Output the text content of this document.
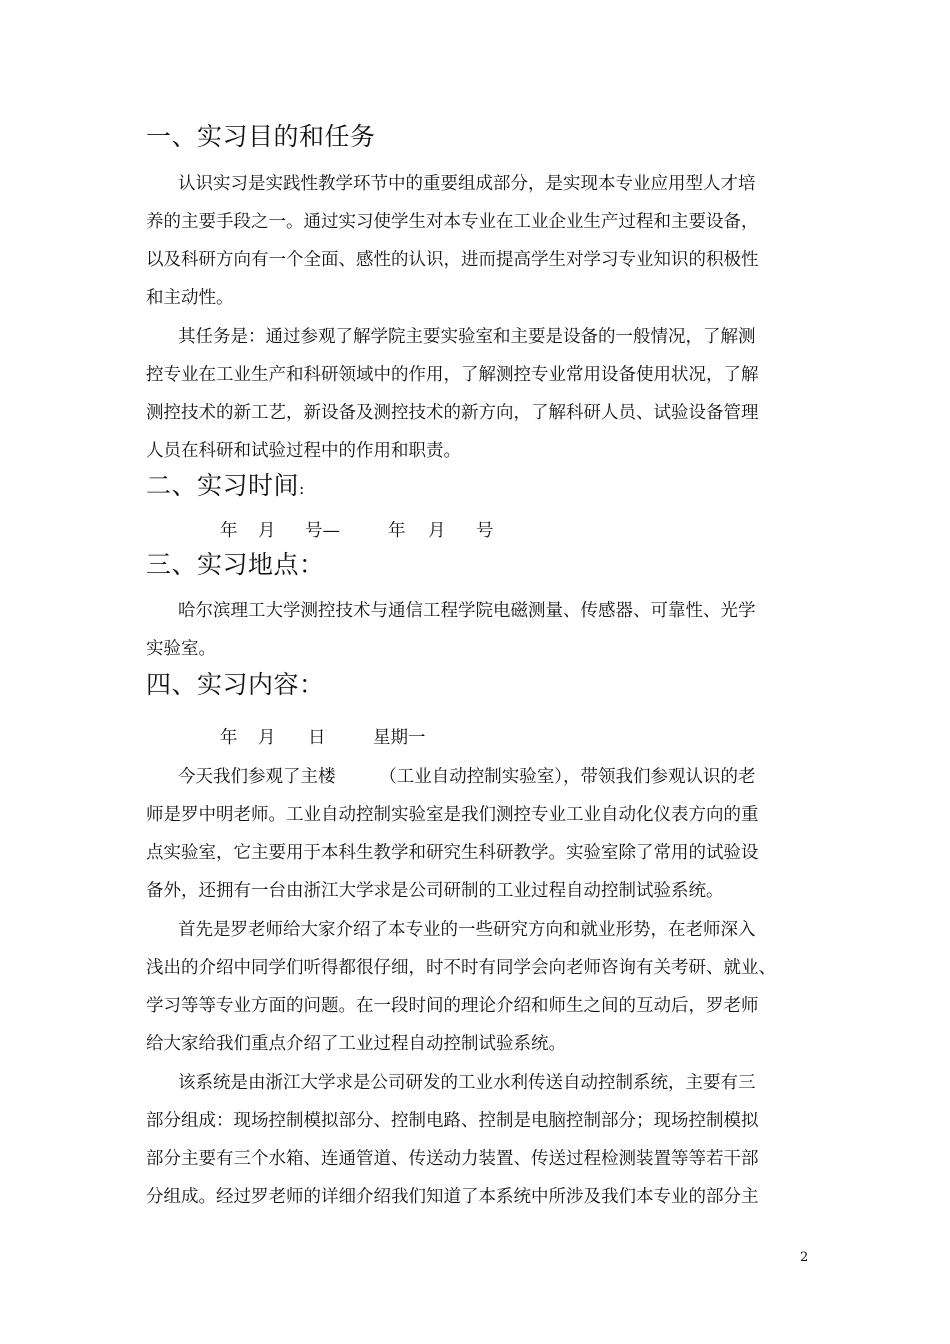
一、实习目的和任务
认识实习是实践性教学环节中的重要组成部分，是实现本专业应用型人才培
养的主要手段之一。通过实习使学生对本专业在工业企业生产过程和主要设备，
以及科研方向有一个全面、感性的认识，进而提高学生对学习专业知识的积极性
和主动性。
其任务是：通过参观了解学院主要实验室和主要是设备的一般情况，了解测
控专业在工业生产和科研领域中的作用，了解测控专业常用设备使用状况，了解
测控技术的新工艺，新设备及测控技术的新方向，了解科研人员、试验设备管理
人员在科研和试验过程中的作用和职责。
二、实习时间:
年 月 号—	年 月 号
三、实习地点：
哈尔滨理工大学测控技术与通信工程学院电磁测量、传感器、可靠性、光学
实验室。
四、实习内容：
年 月 日	星期一
今天我们参观了主楼　　　（工业自动控制实验室），带领我们参观认识的老
师是罗中明老师。工业自动控制实验室是我们测控专业工业自动化仪表方向的重
点实验室，它主要用于本科生教学和研究生科研教学。实验室除了常用的试验设
备外，还拥有一台由浙江大学求是公司研制的工业过程自动控制试验系统。
首先是罗老师给大家介绍了本专业的一些研究方向和就业形势，在老师深入
浅出的介绍中同学们听得都很仔细，时不时有同学会向老师咨询有关考研、就业、
学习等等专业方面的问题。在一段时间的理论介绍和师生之间的互动后，罗老师
给大家给我们重点介绍了工业过程自动控制试验系统。
该系统是由浙江大学求是公司研发的工业水利传送自动控制系统，主要有三
部分组成：现场控制模拟部分、控制电路、控制是电脑控制部分；现场控制模拟
部分主要有三个水箱、连通管道、传送动力装置、传送过程检测装置等等若干部
分组成。经过罗老师的详细介绍我们知道了本系统中所涉及我们本专业的部分主
2
